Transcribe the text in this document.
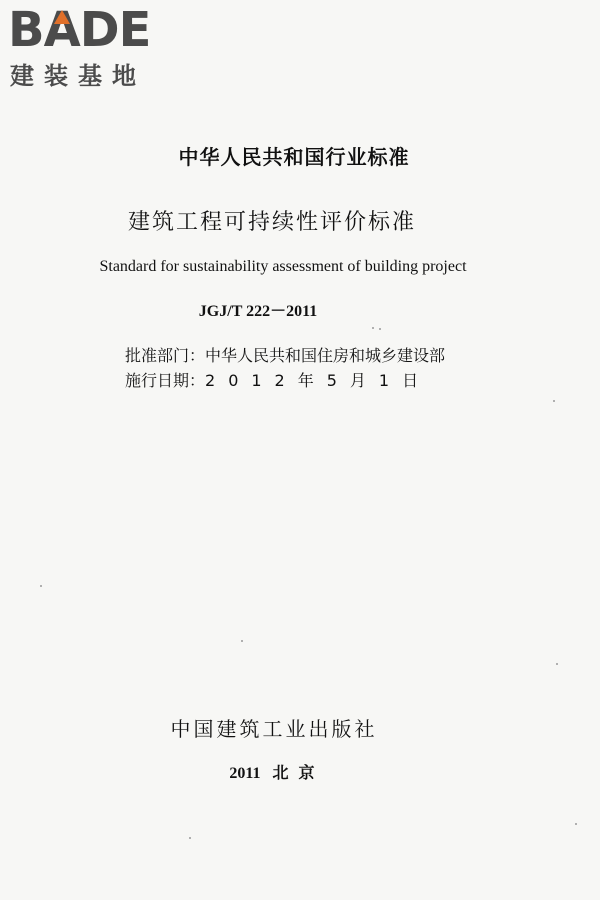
BADE
建装基地
中华人民共和国行业标准
建筑工程可持续性评价标准
Standard for sustainability assessment of building project
JGJ/T 222－2011
批准部门：中华人民共和国住房和城乡建设部
施行日期：2012年5月1日
中国建筑工业出版社
2011 北京
